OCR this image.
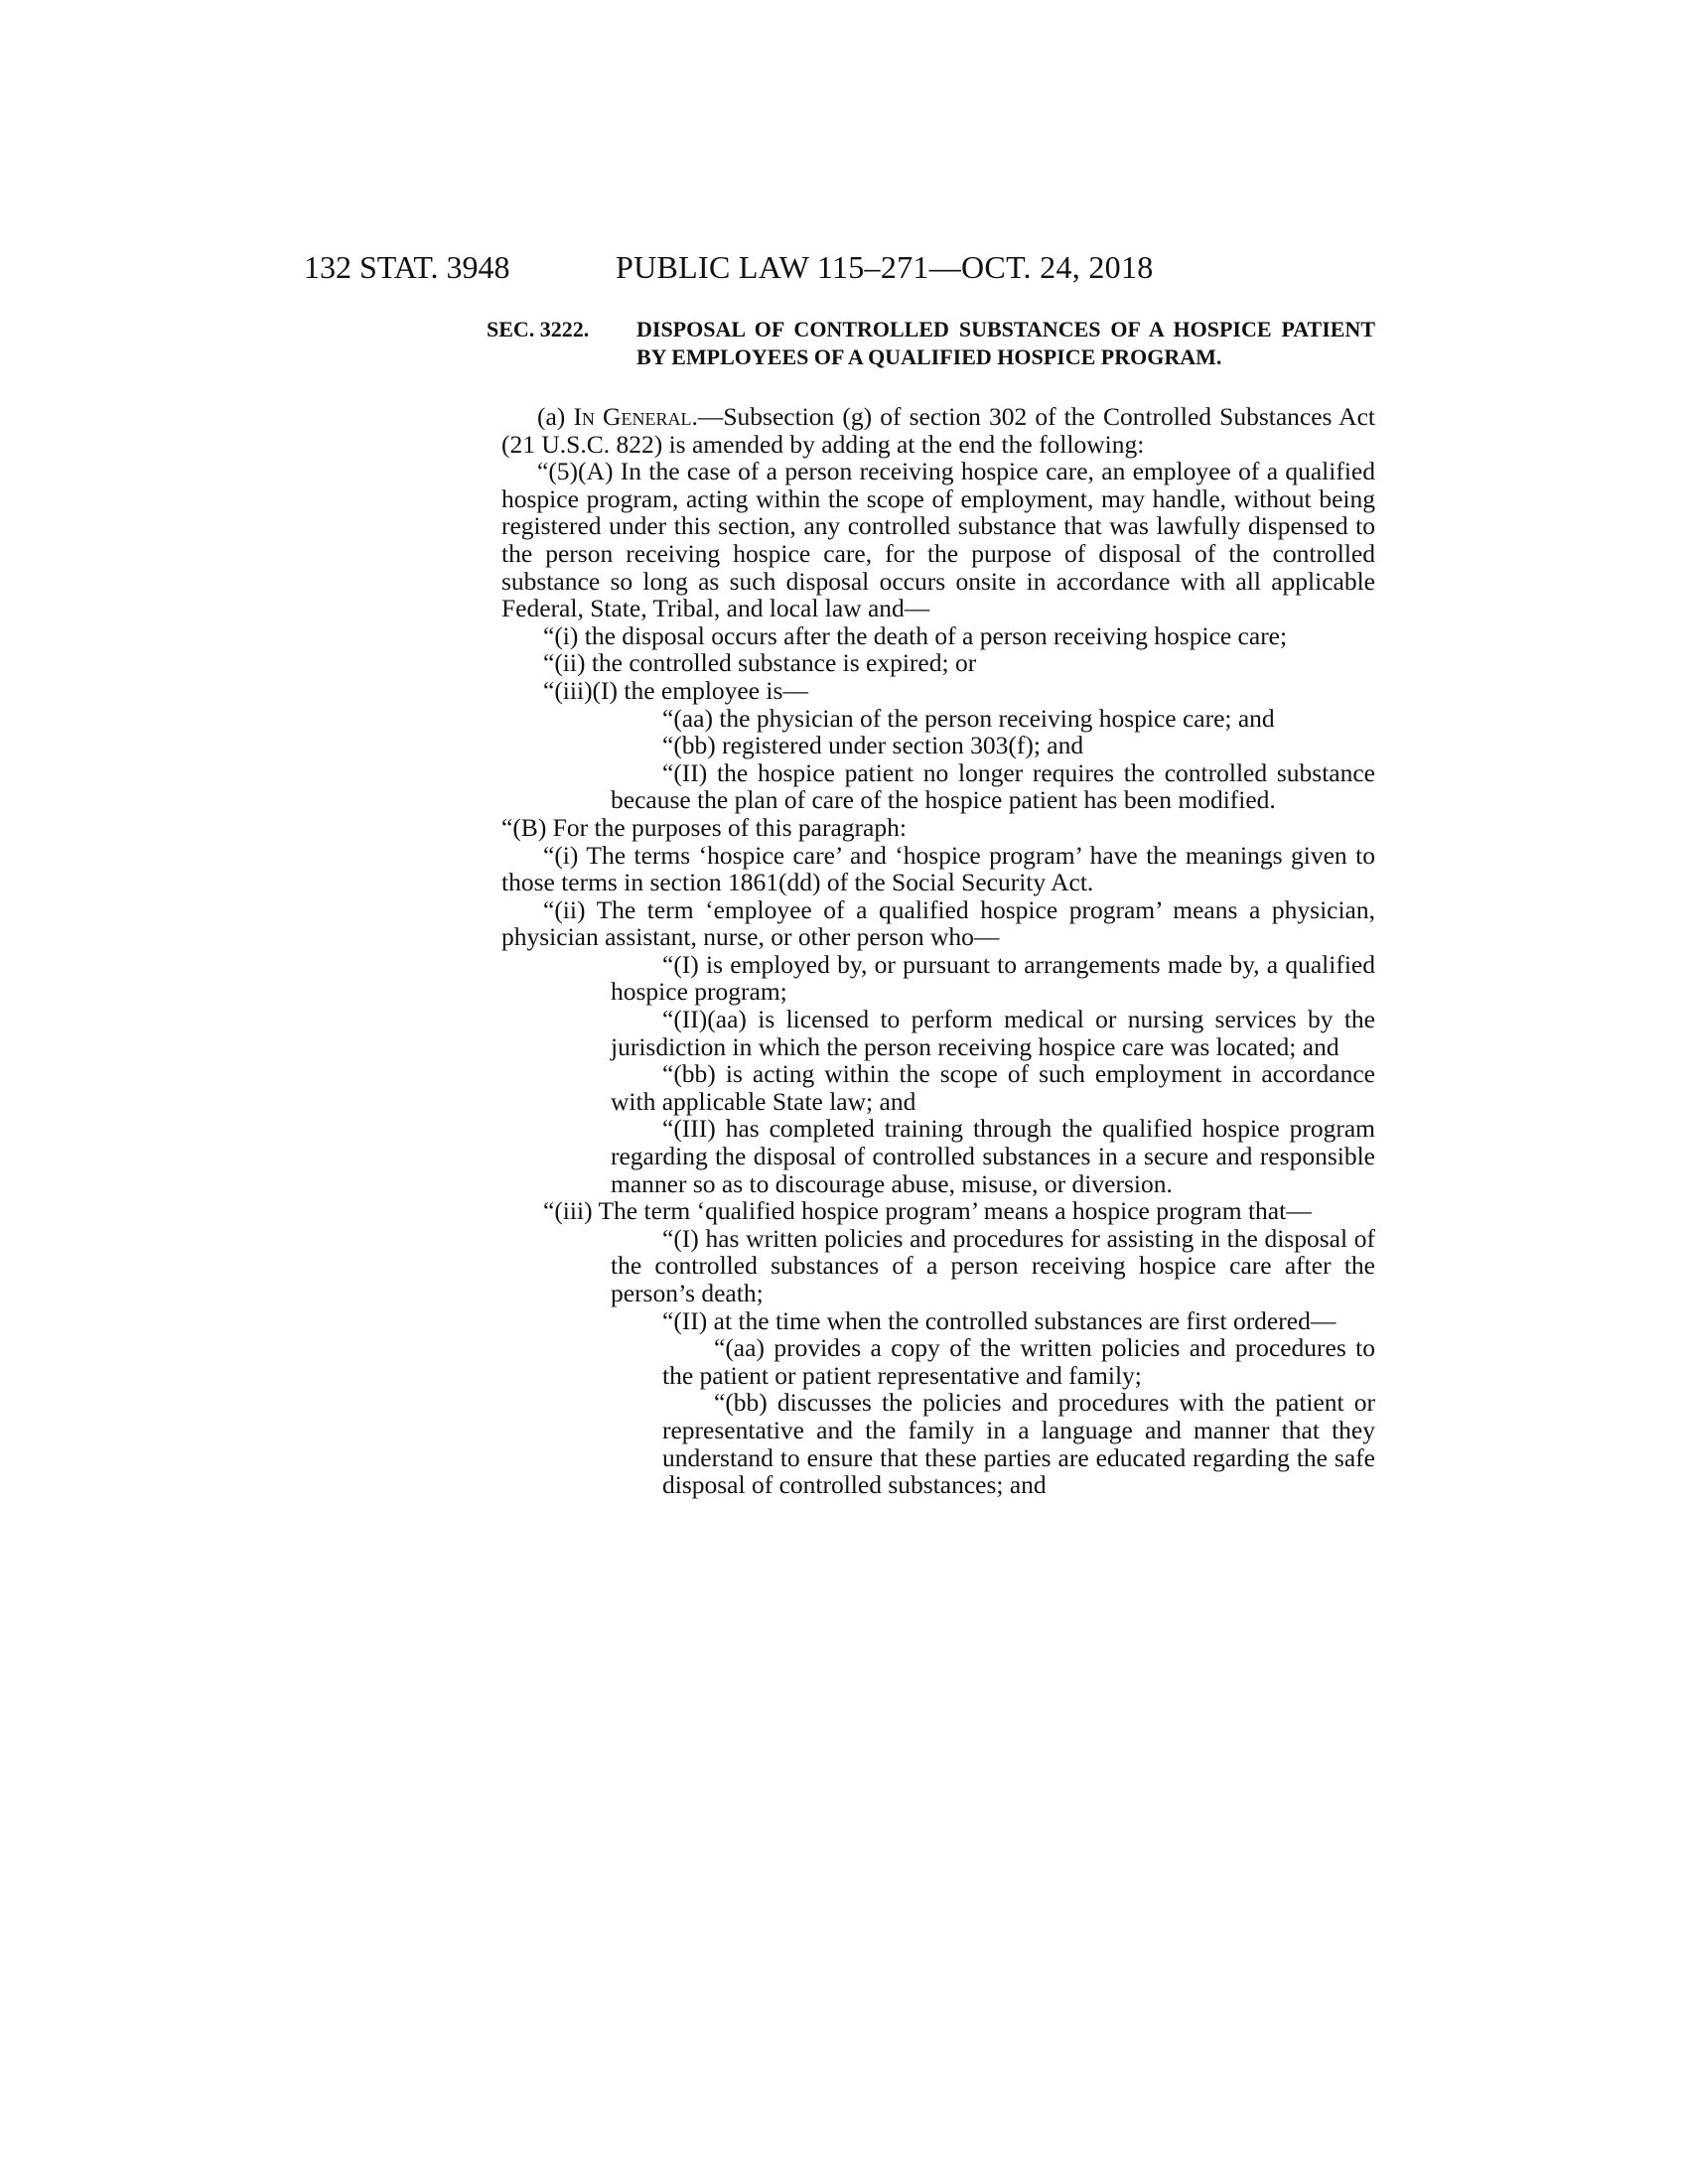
132 STAT. 3948	PUBLIC LAW 115–271—OCT. 24, 2018
SEC. 3222. DISPOSAL OF CONTROLLED SUBSTANCES OF A HOSPICE PATIENT BY EMPLOYEES OF A QUALIFIED HOSPICE PROGRAM.

(a) In General.—Subsection (g) of section 302 of the Controlled Substances Act (21 U.S.C. 822) is amended by adding at the end the following:

“(5)(A) In the case of a person receiving hospice care, an employee of a qualified hospice program, acting within the scope of employment, may handle, without being registered under this section, any controlled substance that was lawfully dispensed to the person receiving hospice care, for the purpose of disposal of the controlled substance so long as such disposal occurs onsite in accordance with all applicable Federal, State, Tribal, and local law and—

“(i) the disposal occurs after the death of a person receiving hospice care;

“(ii) the controlled substance is expired; or

“(iii)(I) the employee is—

“(aa) the physician of the person receiving hospice care; and

“(bb) registered under section 303(f); and

“(II) the hospice patient no longer requires the controlled substance because the plan of care of the hospice patient has been modified.

“(B) For the purposes of this paragraph:

“(i) The terms ‘hospice care’ and ‘hospice program’ have the meanings given to those terms in section 1861(dd) of the Social Security Act.

“(ii) The term ‘employee of a qualified hospice program’ means a physician, physician assistant, nurse, or other person who—

“(I) is employed by, or pursuant to arrangements made by, a qualified hospice program;

“(II)(aa) is licensed to perform medical or nursing services by the jurisdiction in which the person receiving hospice care was located; and

“(bb) is acting within the scope of such employment in accordance with applicable State law; and

“(III) has completed training through the qualified hospice program regarding the disposal of controlled substances in a secure and responsible manner so as to discourage abuse, misuse, or diversion.

“(iii) The term ‘qualified hospice program’ means a hospice program that—

“(I) has written policies and procedures for assisting in the disposal of the controlled substances of a person receiving hospice care after the person’s death;

“(II) at the time when the controlled substances are first ordered—

“(aa) provides a copy of the written policies and procedures to the patient or patient representative and family;

“(bb) discusses the policies and procedures with the patient or representative and the family in a language and manner that they understand to ensure that these parties are educated regarding the safe disposal of controlled substances; and
